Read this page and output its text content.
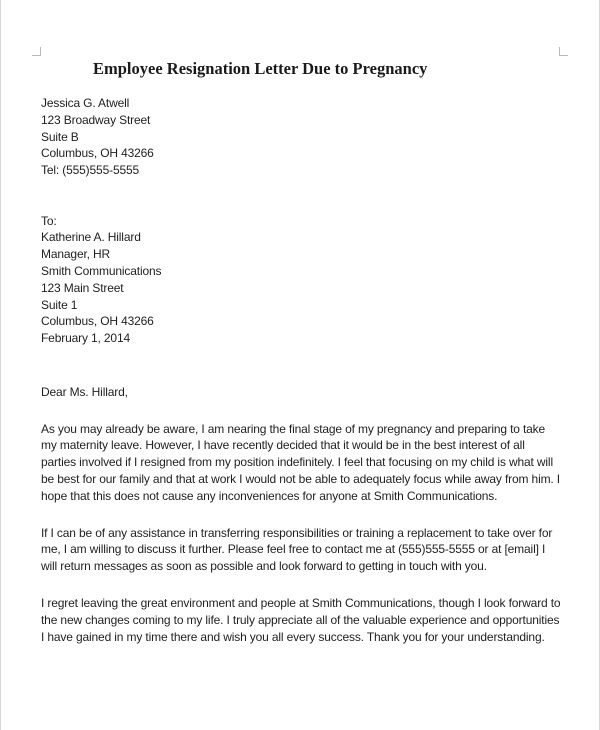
Employee Resignation Letter Due to Pregnancy
Jessica G. Atwell
123 Broadway Street
Suite B
Columbus, OH 43266
Tel: (555)555-5555
To:
Katherine A. Hillard
Manager, HR
Smith Communications
123 Main Street
Suite 1
Columbus, OH 43266
February 1, 2014
Dear Ms. Hillard,

As you may already be aware, I am nearing the final stage of my pregnancy and preparing to take my maternity leave. However, I have recently decided that it would be in the best interest of all parties involved if I resigned from my position indefinitely. I feel that focusing on my child is what will be best for our family and that at work I would not be able to adequately focus while away from him. I hope that this does not cause any inconveniences for anyone at Smith Communications.

If I can be of any assistance in transferring responsibilities or training a replacement to take over for me, I am willing to discuss it further. Please feel free to contact me at (555)555-5555 or at [email] I will return messages as soon as possible and look forward to getting in touch with you.

I regret leaving the great environment and people at Smith Communications, though I look forward to the new changes coming to my life. I truly appreciate all of the valuable experience and opportunities I have gained in my time there and wish you all every success. Thank you for your understanding.
